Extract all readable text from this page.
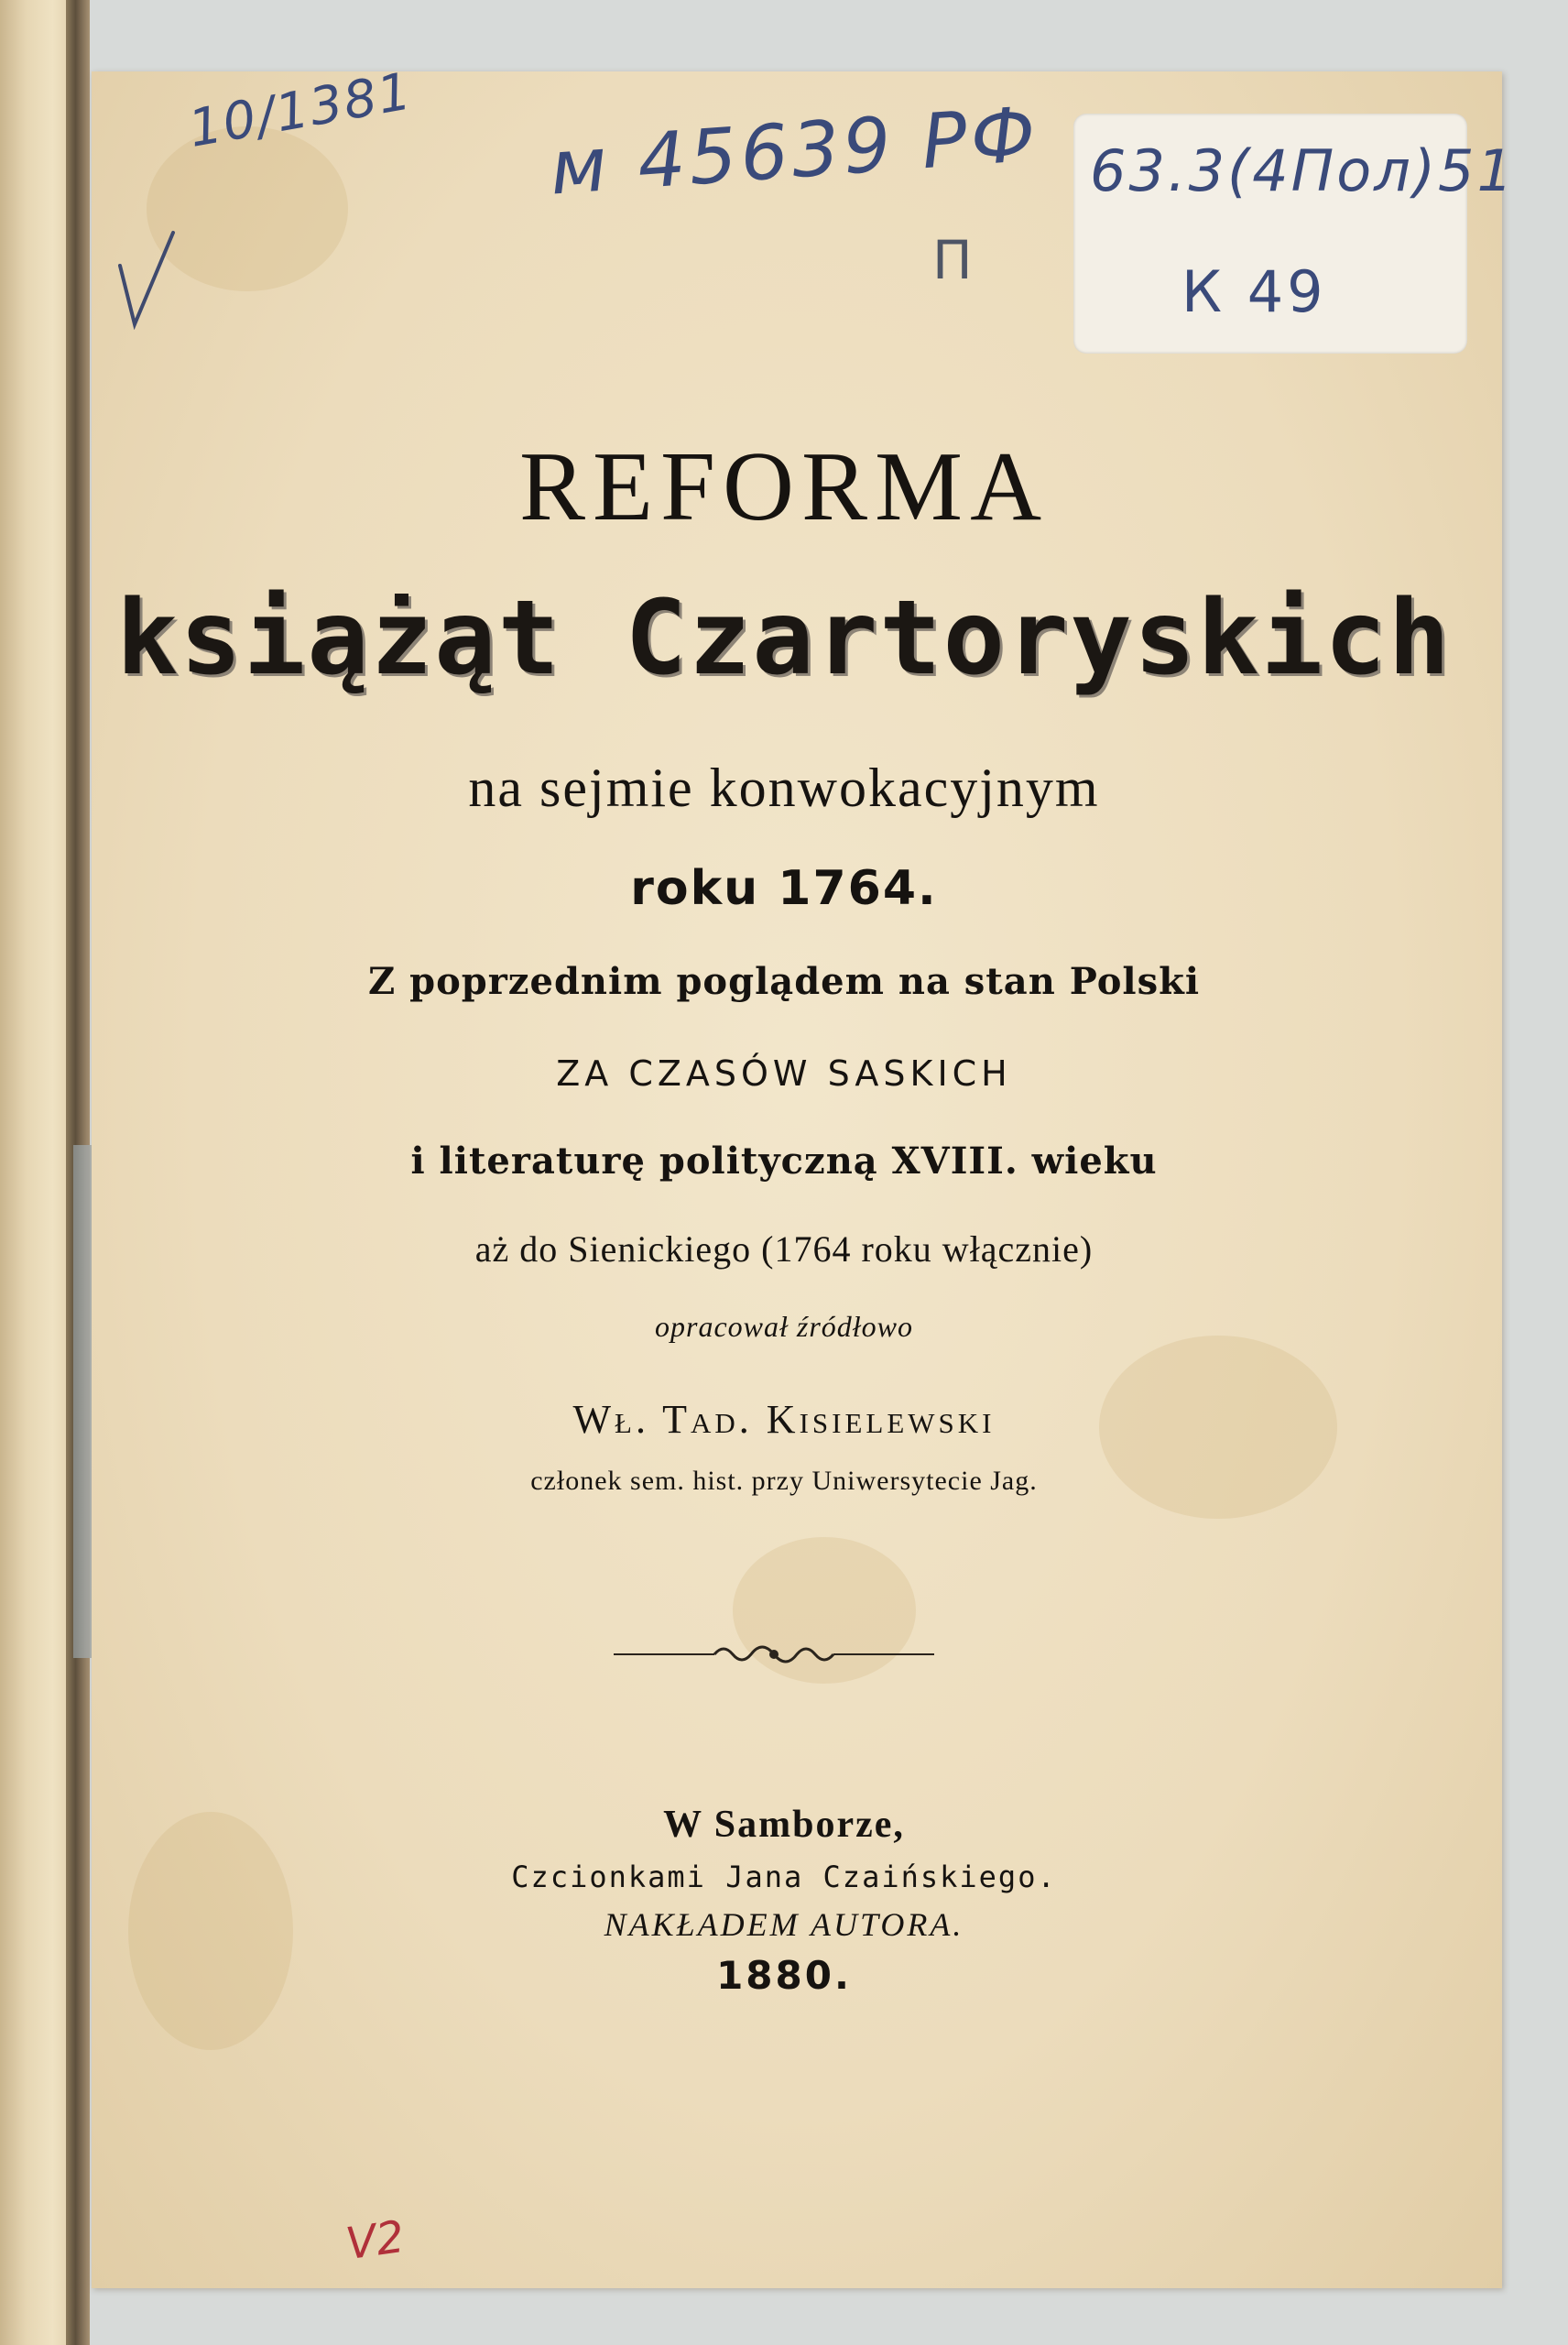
10/1381 м 45639 РФ
П
63.3(4Пол)51
К 49
REFORMA
książąt Czartoryskich
na sejmie konwokacyjnym
roku 1764.
Z poprzednim poglądem na stan Polski
ZA CZASÓW SASKICH
i literaturę polityczną XVIII. wieku
aż do Sienickiego (1764 roku włącznie)
opracował źródłowo
Wł. Tad. Kisielewski
członek sem. hist. przy Uniwersytecie Jag.
W Samborze,
Czcionkami Jana Czaińskiego.
NAKŁADEM AUTORA.
1880.
V2
